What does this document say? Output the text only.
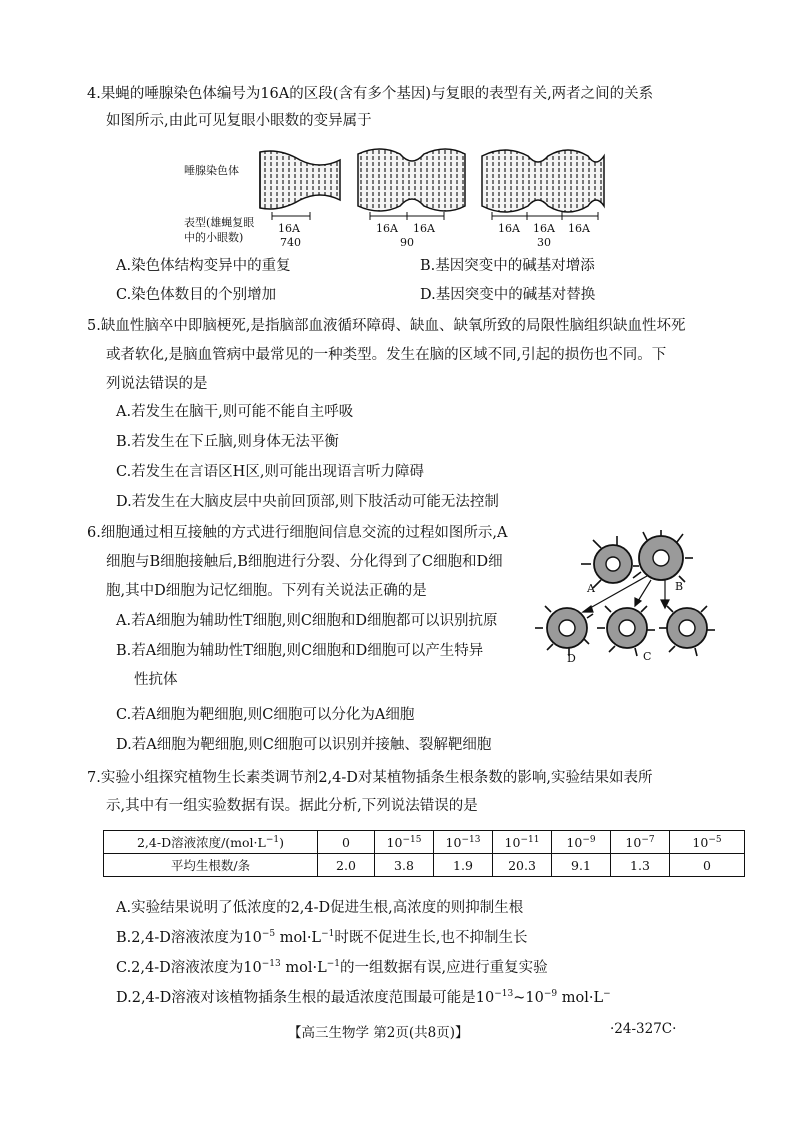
4.果蝇的唾腺染色体编号为16A的区段(含有多个基因)与复眼的表型有关,两者之间的关系
如图所示,由此可见复眼小眼数的变异属于
唾腺染色体
表型(雄蝇复眼
中的小眼数)
16A
740
16A 16A
90
16A 16A 16A
30
A.染色体结构变异中的重复	B.基因突变中的碱基对增添
C.染色体数目的个别增加	D.基因突变中的碱基对替换
5.缺血性脑卒中即脑梗死,是指脑部血液循环障碍、缺血、缺氧所致的局限性脑组织缺血性坏死
或者软化,是脑血管病中最常见的一种类型。发生在脑的区域不同,引起的损伤也不同。下
列说法错误的是
A.若发生在脑干,则可能不能自主呼吸
B.若发生在下丘脑,则身体无法平衡
C.若发生在言语区H区,则可能出现语言听力障碍
D.若发生在大脑皮层中央前回顶部,则下肢活动可能无法控制
6.细胞通过相互接触的方式进行细胞间信息交流的过程如图所示,A
细胞与B细胞接触后,B细胞进行分裂、分化得到了C细胞和D细
胞,其中D细胞为记忆细胞。下列有关说法正确的是
A.若A细胞为辅助性T细胞,则C细胞和D细胞都可以识别抗原
B.若A细胞为辅助性T细胞,则C细胞和D细胞可以产生特异
性抗体
C.若A细胞为靶细胞,则C细胞可以分化为A细胞
D.若A细胞为靶细胞,则C细胞可以识别并接触、裂解靶细胞
A	B
D	C
7.实验小组探究植物生长素类调节剂2,4-D对某植物插条生根条数的影响,实验结果如表所
示,其中有一组实验数据有误。据此分析,下列说法错误的是
2,4-D溶液浓度$/(mol\cdot L^{-1})$	0	$10^{-15}$	$10^{-13}$	$10^{-11}$	$10^{-9}$	$10^{-7}$	$10^{-5}$
平均生根数/条	2.0	3.8	1.9	20.3	9.1	1.3	0
A.实验结果说明了低浓度的2,4-D促进生根,高浓度的则抑制生根
B.2,4-D溶液浓度为$10^{-5}$ $mol\cdot L^{-1}$时既不促进生长,也不抑制生长
C.2,4-D溶液浓度为$10^{-13}$ $mol\cdot L^{-1}$的一组数据有误,应进行重复实验
D.2,4-D溶液对该植物插条生根的最适浓度范围最可能是$10^{-13}\sim 10^{-9}$ mol·L−
【高三生物学 第2页(共8页)】	·24-327C·
